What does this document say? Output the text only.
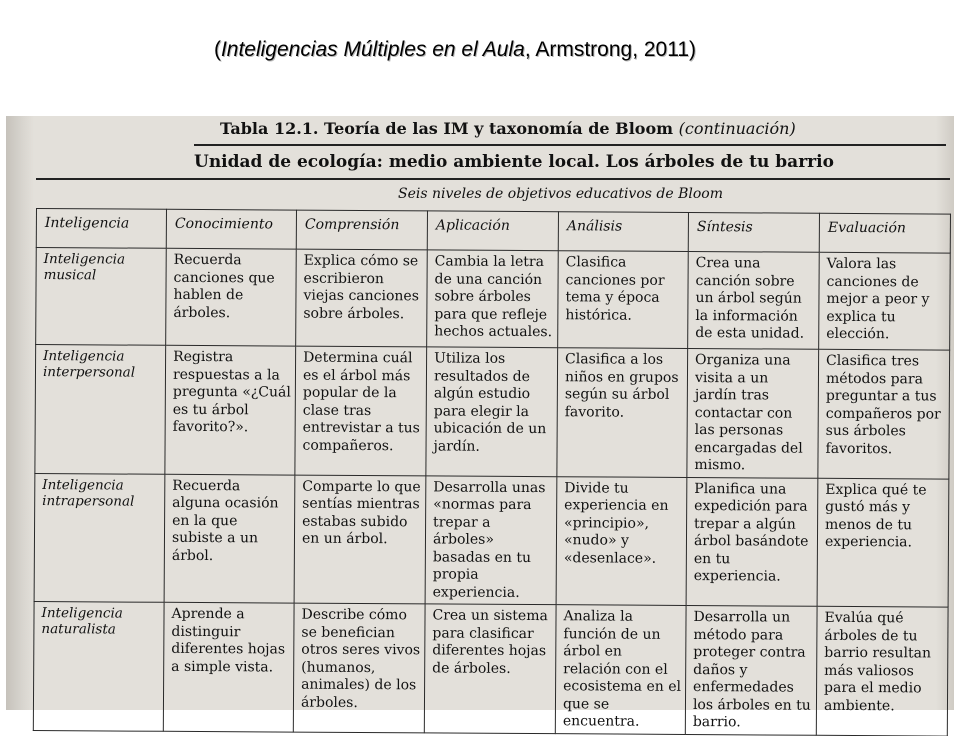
(Inteligencias Múltiples en el Aula, Armstrong, 2011)
Tabla 12.1. Teoría de las IM y taxonomía de Bloom (continuación)
Unidad de ecología: medio ambiente local. Los árboles de tu barrio
Seis niveles de objetivos educativos de Bloom
Inteligencia	Conocimiento	Comprensión	Aplicación	Análisis	Síntesis	Evaluación
Inteligencia musical	Recuerda canciones que hablen de árboles.	Explica cómo se escribieron viejas canciones sobre árboles.	Cambia la letra de una canción sobre árboles para que refleje hechos actuales.	Clasifica canciones por tema y época histórica.	Crea una canción sobre un árbol según la información de esta unidad.	Valora las canciones de mejor a peor y explica tu elección.
Inteligencia interpersonal	Registra respuestas a la pregunta «¿Cuál es tu árbol favorito?».	Determina cuál es el árbol más popular de la clase tras entrevistar a tus compañeros.	Utiliza los resultados de algún estudio para elegir la ubicación de un jardín.	Clasifica a los niños en grupos según su árbol favorito.	Organiza una visita a un jardín tras contactar con las personas encargadas del mismo.	Clasifica tres métodos para preguntar a tus compañeros por sus árboles favoritos.
Inteligencia intrapersonal	Recuerda alguna ocasión en la que subiste a un árbol.	Comparte lo que sentías mientras estabas subido en un árbol.	Desarrolla unas «normas para trepar a árboles» basadas en tu propia experiencia.	Divide tu experiencia en «principio», «nudo» y «desenlace».	Planifica una expedición para trepar a algún árbol basándote en tu experiencia.	Explica qué te gustó más y menos de tu experiencia.
Inteligencia naturalista	Aprende a distinguir diferentes hojas a simple vista.	Describe cómo se benefician otros seres vivos (humanos, animales) de los árboles.	Crea un sistema para clasificar diferentes hojas de árboles.	Analiza la función de un árbol en relación con el ecosistema en el que se encuentra.	Desarrolla un método para proteger contra daños y enfermedades los árboles en tu barrio.	Evalúa qué árboles de tu barrio resultan más valiosos para el medio ambiente.
